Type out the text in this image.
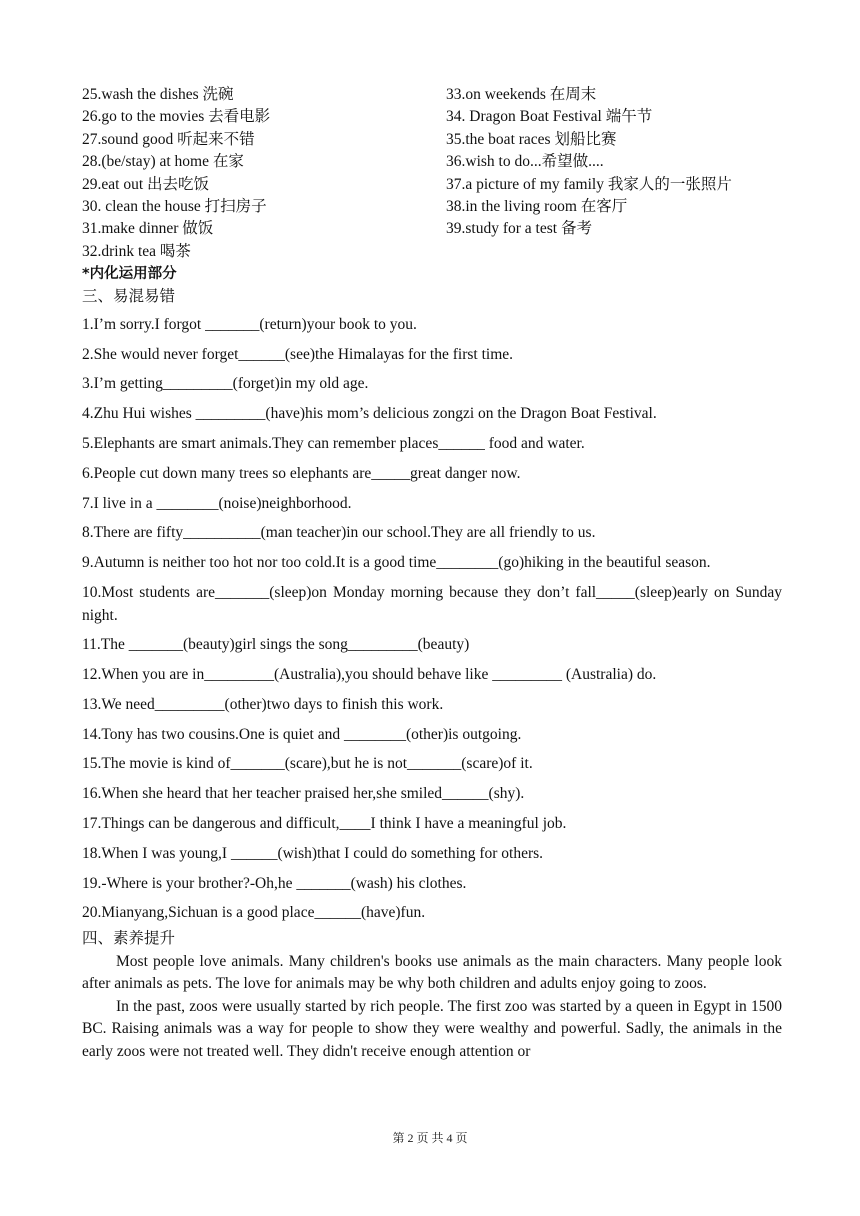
25.wash the dishes 洗碗
26.go to the movies 去看电影
27.sound good 听起来不错
28.(be/stay) at home 在家
29.eat out 出去吃饭
30. clean the house 打扫房子
31.make dinner 做饭
32.drink tea 喝茶
33.on weekends 在周末
34. Dragon Boat Festival 端午节
35.the boat races 划船比赛
36.wish to do...希望做....
37.a picture of my family 我家人的一张照片
38.in the living room 在客厅
39.study for a test 备考
*内化运用部分
三、易混易错
1.I’m sorry.I forgot _______(return)your book to you.
2.She would never forget______(see)the Himalayas for the first time.
3.I’m getting_________(forget)in my old age.
4.Zhu Hui wishes _________(have)his mom’s delicious zongzi on the Dragon Boat Festival.
5.Elephants are smart animals.They can remember places______ food and water.
6.People cut down many trees so elephants are_____great danger now.
7.I live in a ________(noise)neighborhood.
8.There are fifty__________(man teacher)in our school.They are all friendly to us.
9.Autumn is neither too hot nor too cold.It is a good time________(go)hiking in the beautiful season.
10.Most students are_______(sleep)on Monday morning because they don’t fall_____(sleep)early on Sunday night.
11.The _______(beauty)girl sings the song_________(beauty)
12.When you are in_________(Australia),you should behave like _________ (Australia) do.
13.We need_________(other)two days to finish this work.
14.Tony has two cousins.One is quiet and ________(other)is outgoing.
15.The movie is kind of_______(scare),but he is not_______(scare)of it.
16.When she heard that her teacher praised her,she smiled______(shy).
17.Things can be dangerous and difficult,____I think I have a meaningful job.
18.When I was young,I ______(wish)that I could do something for others.
19.-Where is your brother?-Oh,he _______(wash) his clothes.
20.Mianyang,Sichuan is a good place______(have)fun.
四、素养提升
Most people love animals. Many children's books use animals as the main characters. Many people look after animals as pets. The love for animals may be why both children and adults enjoy going to zoos.
In the past, zoos were usually started by rich people. The first zoo was started by a queen in Egypt in 1500 BC. Raising animals was a way for people to show they were wealthy and powerful. Sadly, the animals in the early zoos were not treated well. They didn't receive enough attention or
第 2 页 共 4 页
